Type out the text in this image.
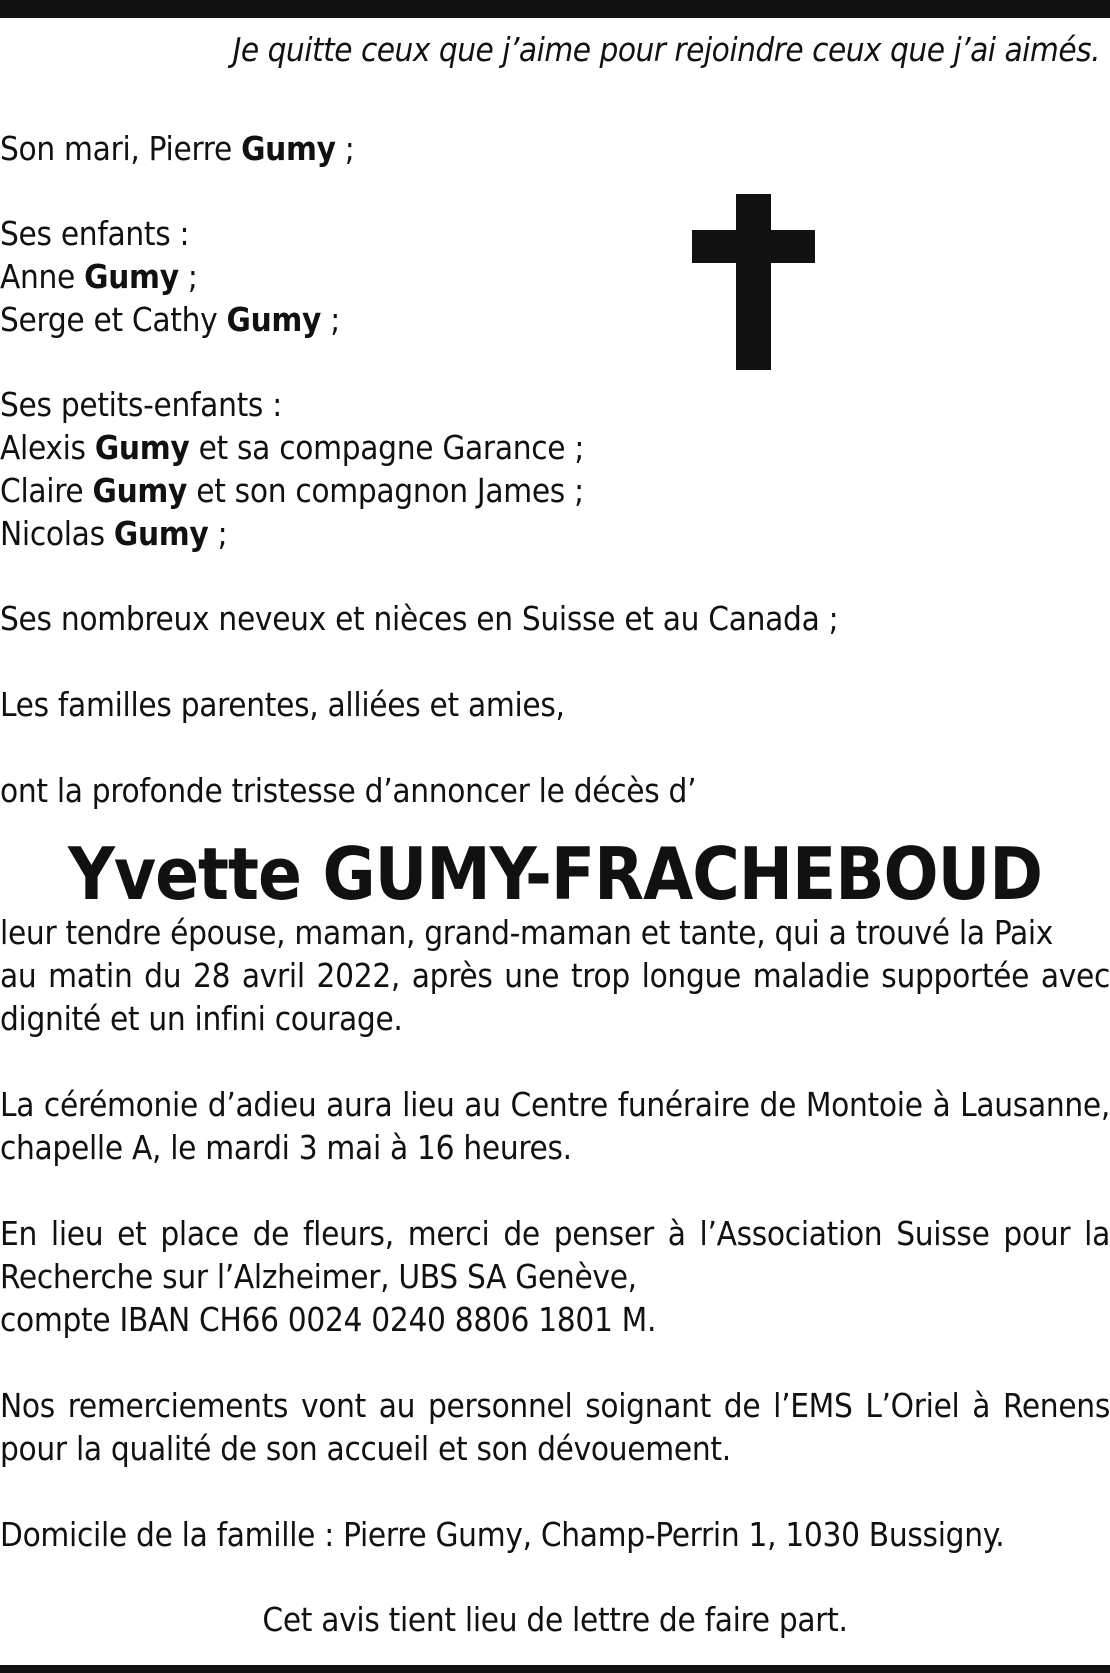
Je quitte ceux que j’aime pour rejoindre ceux que j’ai aimés.
Son mari, Pierre Gumy ;
Ses enfants :
Anne Gumy ;
Serge et Cathy Gumy ;
Ses petits-enfants :
Alexis Gumy et sa compagne Garance ;
Claire Gumy et son compagnon James ;
Nicolas Gumy ;
Ses nombreux neveux et nièces en Suisse et au Canada ;
Les familles parentes, alliées et amies,
ont la profonde tristesse d’annoncer le décès d’
Yvette GUMY-FRACHEBOUD
leur tendre épouse, maman, grand-maman et tante, qui a trouvé la Paix
au matin du 28 avril 2022, après une trop longue maladie supportée avec
dignité et un infini courage.
La cérémonie d’adieu aura lieu au Centre funéraire de Montoie à Lausanne,
chapelle A, le mardi 3 mai à 16 heures.
En lieu et place de fleurs, merci de penser à l’Association Suisse pour la
Recherche sur l’Alzheimer, UBS SA Genève,
compte IBAN CH66 0024 0240 8806 1801 M.
Nos remerciements vont au personnel soignant de l’EMS L’Oriel à Renens
pour la qualité de son accueil et son dévouement.
Domicile de la famille : Pierre Gumy, Champ-Perrin 1, 1030 Bussigny.
Cet avis tient lieu de lettre de faire part.
